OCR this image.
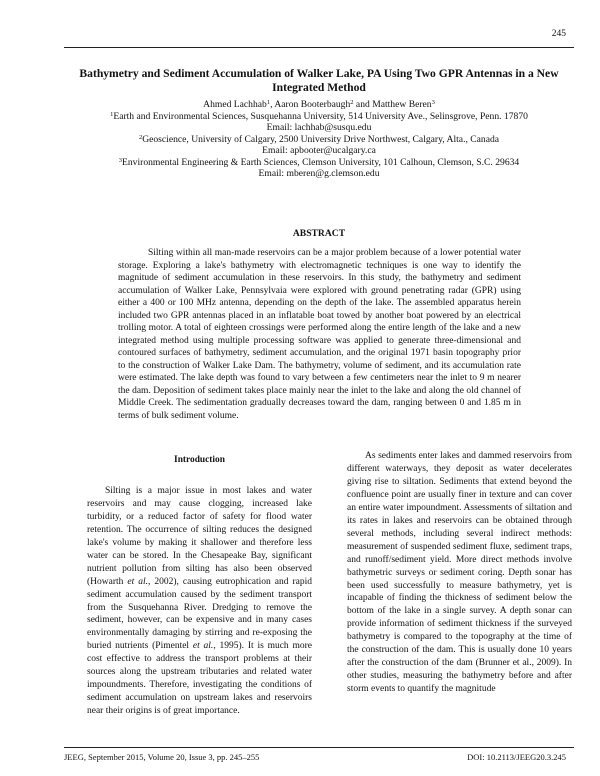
245
Bathymetry and Sediment Accumulation of Walker Lake, PA Using Two GPR Antennas in a New Integrated Method
Ahmed Lachhab$^1$, Aaron Booterbaugh$^2$ and Matthew Beren$^3$
$^1$Earth and Environmental Sciences, Susquehanna University, 514 University Ave., Selinsgrove, Penn. 17870
Email: lachhab@susqu.edu
$^2$Geoscience, University of Calgary, 2500 University Drive Northwest, Calgary, Alta., Canada
Email: apbooter@ucalgary.ca
$^3$Environmental Engineering & Earth Sciences, Clemson University, 101 Calhoun, Clemson, S.C. 29634
Email: mberen@g.clemson.edu
ABSTRACT

Silting within all man-made reservoirs can be a major problem because of a lower potential water storage. Exploring a lake's bathymetry with electromagnetic techniques is one way to identify the magnitude of sediment accumulation in these reservoirs. In this study, the bathymetry and sediment accumulation of Walker Lake, Pennsylvaia were explored with ground penetrating radar (GPR) using either a 400 or 100 MHz antenna, depending on the depth of the lake. The assembled apparatus herein included two GPR antennas placed in an inflatable boat towed by another boat powered by an electrical trolling motor. A total of eighteen crossings were performed along the entire length of the lake and a new integrated method using multiple processing software was applied to generate three-dimensional and contoured surfaces of bathymetry, sediment accumulation, and the original 1971 basin topography prior to the construction of Walker Lake Dam. The bathymetry, volume of sediment, and its accumulation rate were estimated. The lake depth was found to vary between a few centimeters near the inlet to 9 m nearer the dam. Deposition of sediment takes place mainly near the inlet to the lake and along the old channel of Middle Creek. The sedimentation gradually decreases toward the dam, ranging between 0 and 1.85 m in terms of bulk sediment volume.

Introduction

Silting is a major issue in most lakes and water reservoirs and may cause clogging, increased lake turbidity, or a reduced factor of safety for flood water retention. The occurrence of silting reduces the designed lake's volume by making it shallower and therefore less water can be stored. In the Chesapeake Bay, significant nutrient pollution from silting has also been observed (Howarth et al., 2002), causing eutrophication and rapid sediment accumulation caused by the sediment transport from the Susquehanna River. Dredging to remove the sediment, however, can be expensive and in many cases environmentally damaging by stirring and re-exposing the buried nutrients (Pimentel et al., 1995). It is much more cost effective to address the transport problems at their sources along the upstream tributaries and related water impoundments. Therefore, investigating the conditions of sediment accumulation on upstream lakes and reservoirs near their origins is of great importance.

As sediments enter lakes and dammed reservoirs from different waterways, they deposit as water decelerates giving rise to siltation. Sediments that extend beyond the confluence point are usually finer in texture and can cover an entire water impoundment. Assessments of siltation and its rates in lakes and reservoirs can be obtained through several methods, including several indirect methods: measurement of suspended sediment fluxe, sediment traps, and runoff/sediment yield. More direct methods involve bathymetric surveys or sediment coring. Depth sonar has been used successfully to measure bathymetry, yet is incapable of finding the thickness of sediment below the bottom of the lake in a single survey. A depth sonar can provide information of sediment thickness if the surveyed bathymetry is compared to the topography at the time of the construction of the dam. This is usually done 10 years after the construction of the dam (Brunner et al., 2009). In other studies, measuring the bathymetry before and after storm events to quantify the magnitude

JEEG, September 2015, Volume 20, Issue 3, pp. 245–255	DOI: 10.2113/JEEG20.3.245
